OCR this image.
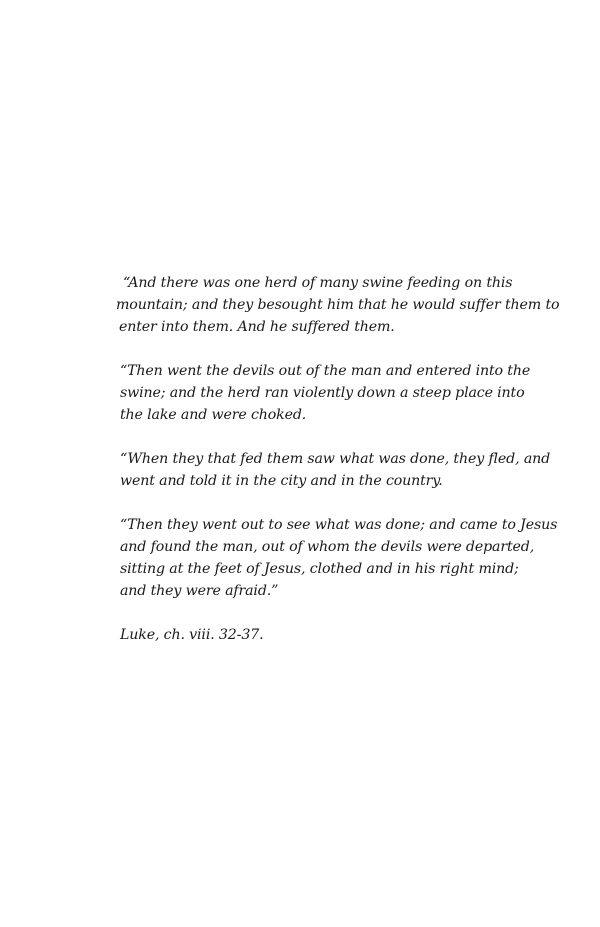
“And there was one herd of many swine feeding on this
mountain; and they besought him that he would suffer them to
enter into them. And he suffered them.

“Then went the devils out of the man and entered into the
swine; and the herd ran violently down a steep place into
the lake and were choked.

“When they that fed them saw what was done, they fled, and
went and told it in the city and in the country.

“Then they went out to see what was done; and came to Jesus
and found the man, out of whom the devils were departed,
sitting at the feet of Jesus, clothed and in his right mind;
and they were afraid.”

Luke, ch. viii. 32-37.
